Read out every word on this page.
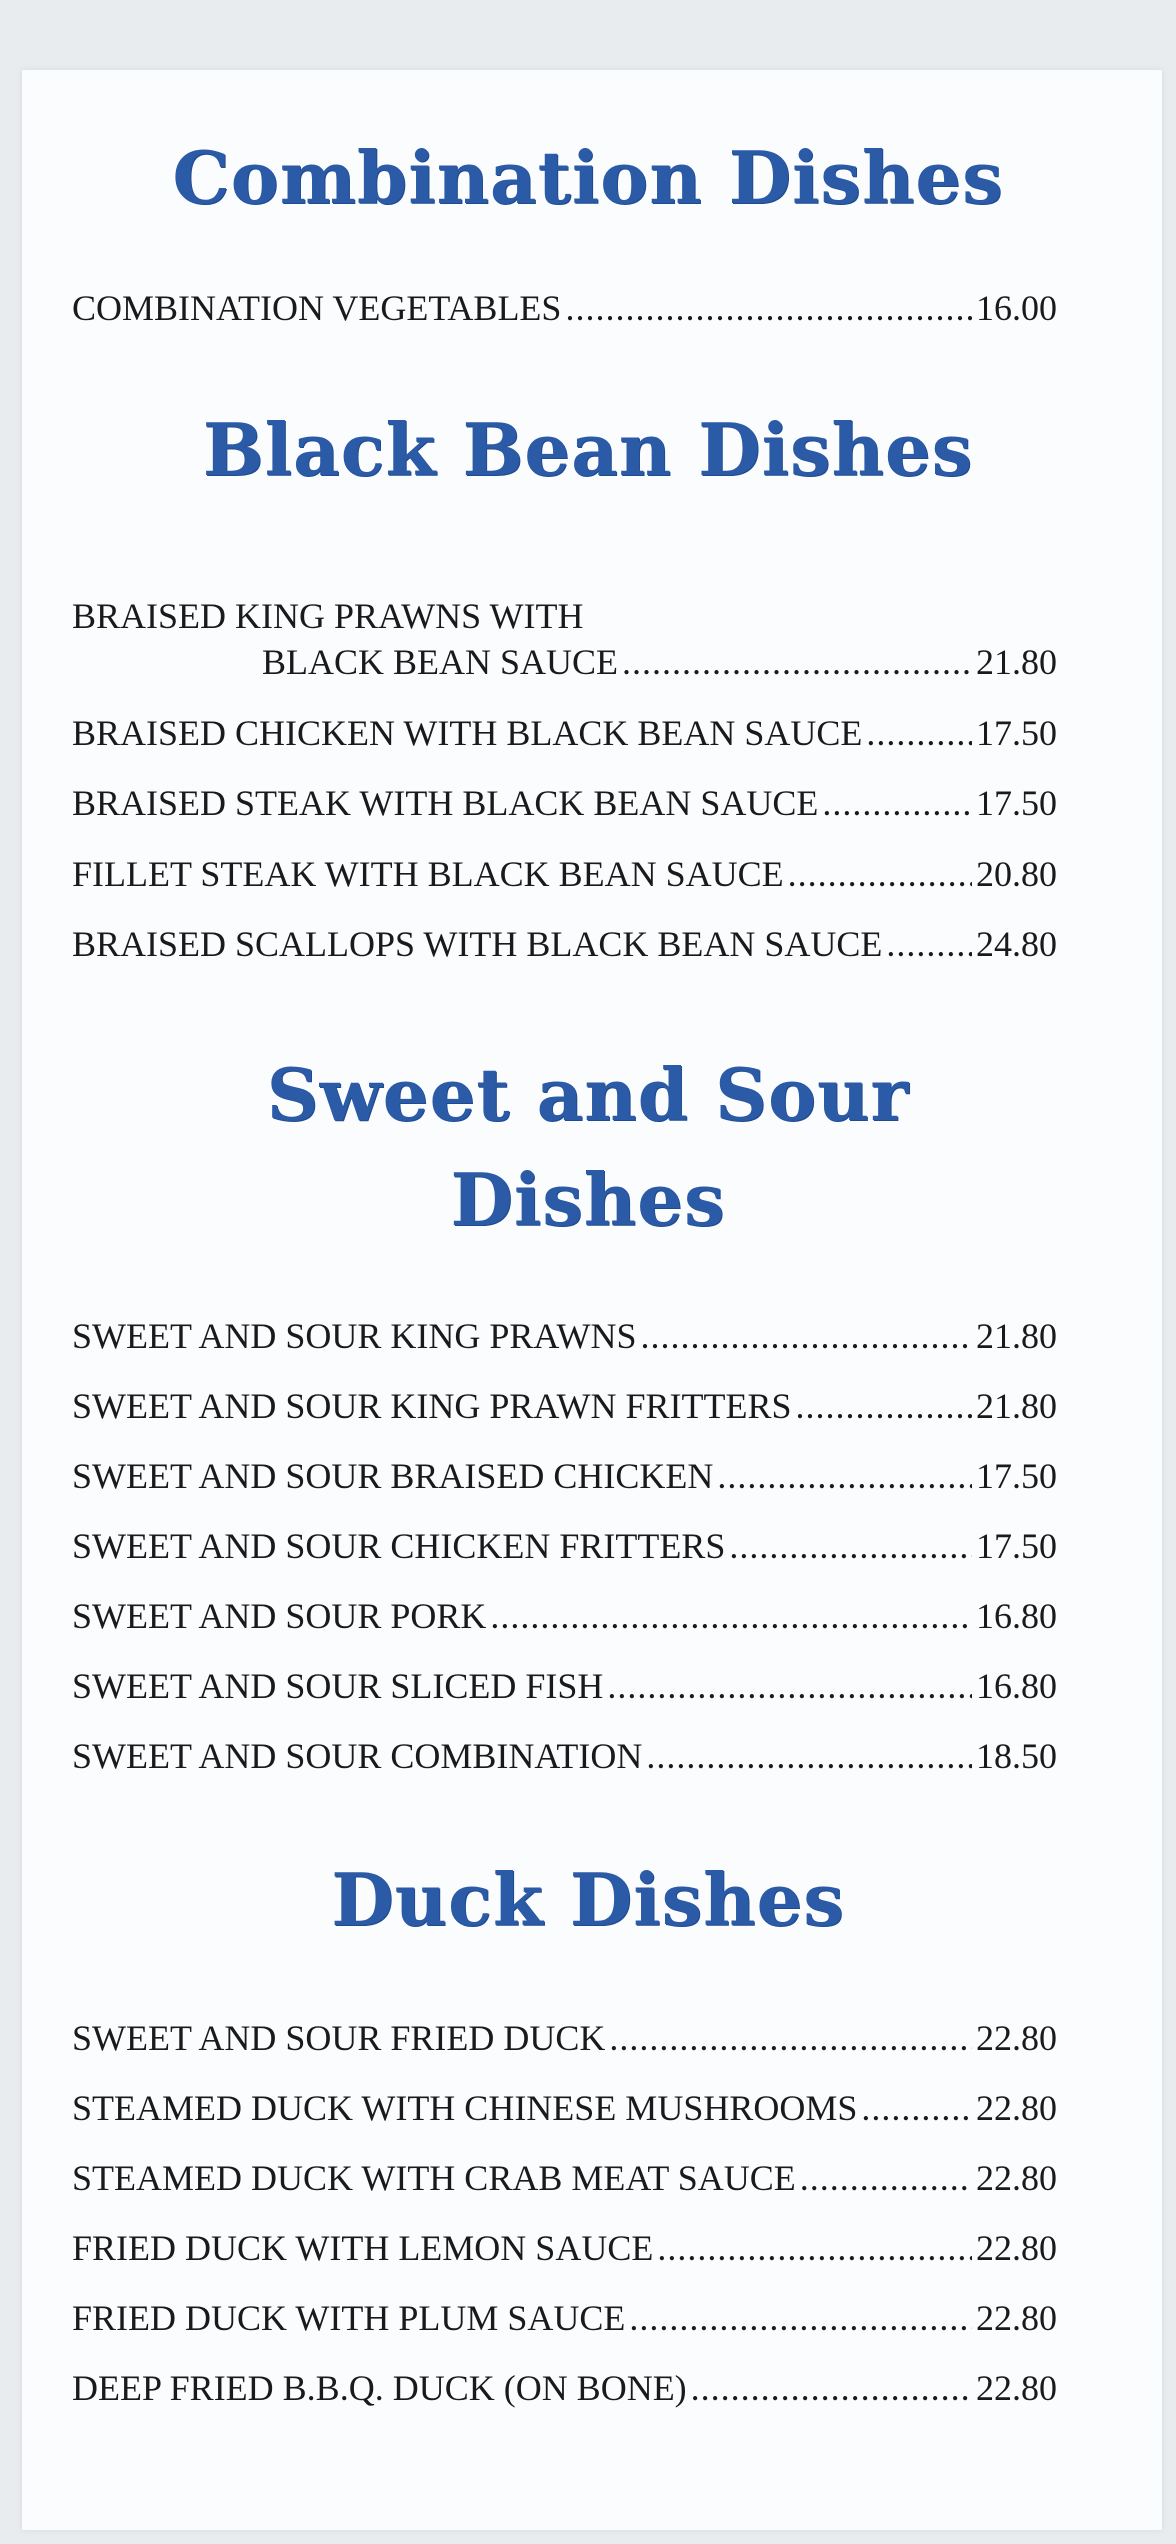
Combination Dishes
COMBINATION VEGETABLES .....	16.00
Black Bean Dishes
BRAISED KING PRAWNS WITH
BLACK BEAN SAUCE .....	21.80
BRAISED CHICKEN WITH BLACK BEAN SAUCE .....	17.50
BRAISED STEAK WITH BLACK BEAN SAUCE .....	17.50
FILLET STEAK WITH BLACK BEAN SAUCE .....	20.80
BRAISED SCALLOPS WITH BLACK BEAN SAUCE .....	24.80
Sweet and Sour
Dishes
SWEET AND SOUR KING PRAWNS .....	21.80
SWEET AND SOUR KING PRAWN FRITTERS .....	21.80
SWEET AND SOUR BRAISED CHICKEN .....	17.50
SWEET AND SOUR CHICKEN FRITTERS .....	17.50
SWEET AND SOUR PORK .....	16.80
SWEET AND SOUR SLICED FISH .....	16.80
SWEET AND SOUR COMBINATION .....	18.50
Duck Dishes
SWEET AND SOUR FRIED DUCK .....	22.80
STEAMED DUCK WITH CHINESE MUSHROOMS .....	22.80
STEAMED DUCK WITH CRAB MEAT SAUCE .....	22.80
FRIED DUCK WITH LEMON SAUCE .....	22.80
FRIED DUCK WITH PLUM SAUCE .....	22.80
DEEP FRIED B.B.Q. DUCK (ON BONE) .....	22.80
